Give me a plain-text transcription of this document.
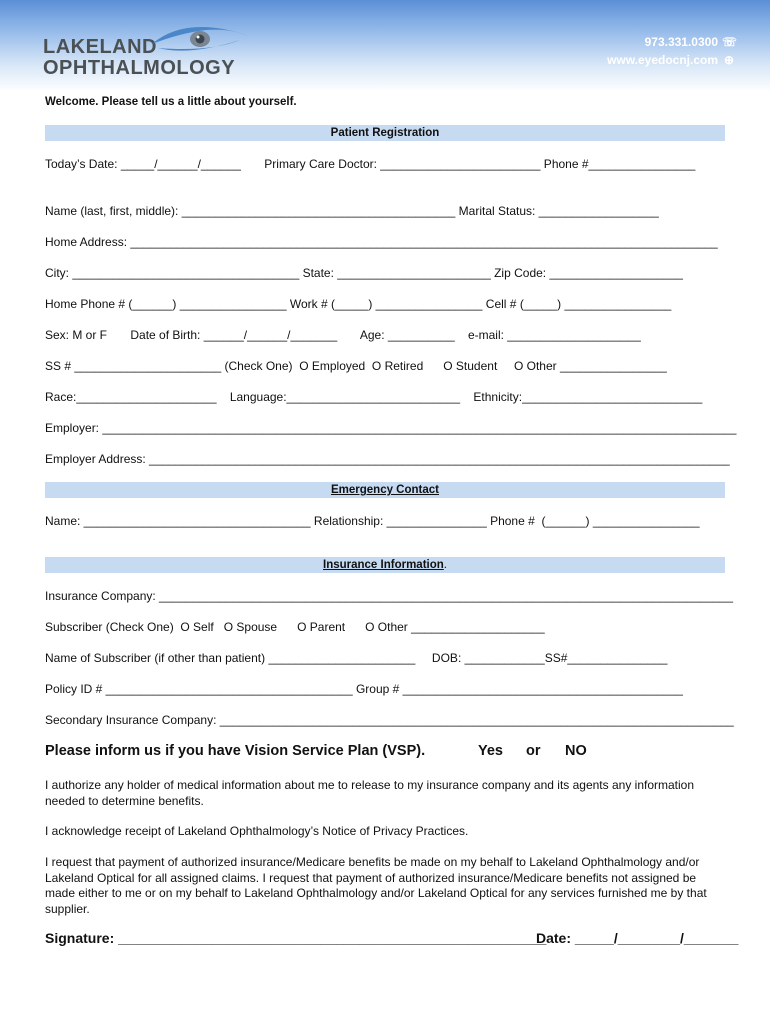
LAKELAND
OPHTHALMOLOGY
973.331.0300 ☏
www.eyedocnj.com ⊕
Welcome. Please tell us a little about yourself.
Patient Registration
Today’s Date: _____/______/______       Primary Care Doctor: ________________________ Phone #________________
Name (last, first, middle): _________________________________________ Marital Status: __________________
Home Address: ________________________________________________________________________________________
City: __________________________________ State: _______________________ Zip Code: ____________________
Home Phone # (______) ________________ Work # (_____) ________________ Cell # (_____) ________________
Sex: M or F       Date of Birth: ______/______/_______       Age: __________    e-mail: ____________________
SS # ______________________ (Check One)  O Employed  O Retired      O Student     O Other ________________
Race:_____________________    Language:__________________________    Ethnicity:___________________________
Employer: _______________________________________________________________________________________________
Employer Address: _______________________________________________________________________________________
Emergency Contact
Name: __________________________________ Relationship: _______________ Phone #  (______) ________________
Insurance Information.
Insurance Company: ______________________________________________________________________________________
Subscriber (Check One)  O Self   O Spouse      O Parent      O Other ____________________
Name of Subscriber (if other than patient) ______________________     DOB: ____________SS#_______________
Policy ID # _____________________________________ Group # __________________________________________
Secondary Insurance Company: _____________________________________________________________________________
Please inform us if you have Vision Service Plan (VSP).	Yes or NO
I authorize any holder of medical information about me to release to my insurance company and its agents any information needed to determine benefits.
I acknowledge receipt of Lakeland Ophthalmology’s Notice of Privacy Practices.
I request that payment of authorized insurance/Medicare benefits be made on my behalf to Lakeland Ophthalmology and/or Lakeland Optical for all assigned claims. I request that payment of authorized insurance/Medicare benefits not assigned be made either to me or on my behalf to Lakeland Ophthalmology and/or Lakeland Optical for any services furnished me by that supplier.
Signature: _______________________________________________________
Date: _____/________/_______
